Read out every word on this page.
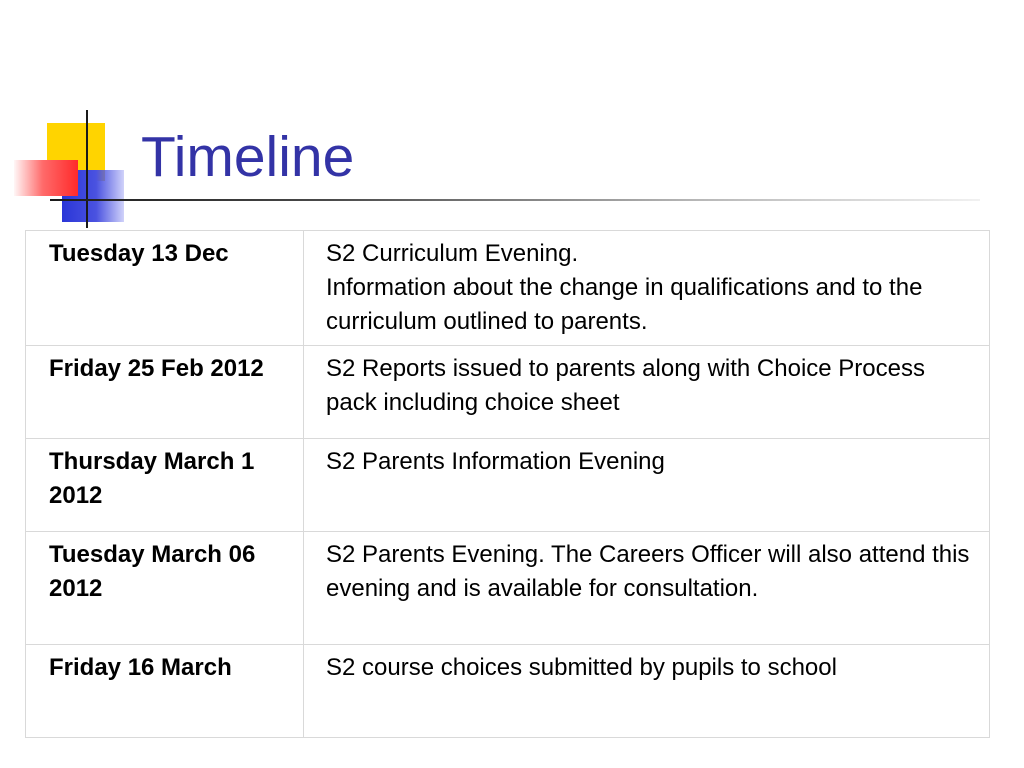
Timeline
Tuesday 13 Dec	S2 Curriculum Evening.
Information about the change in qualifications and to the curriculum outlined to parents.

Friday 25 Feb 2012	S2 Reports issued to parents along with Choice Process pack including choice sheet

Thursday March 1 2012	S2 Parents Information Evening

Tuesday March 06 2012	S2 Parents Evening. The Careers Officer will also attend this evening and is available for consultation.

Friday 16 March	S2 course choices submitted by pupils to school
